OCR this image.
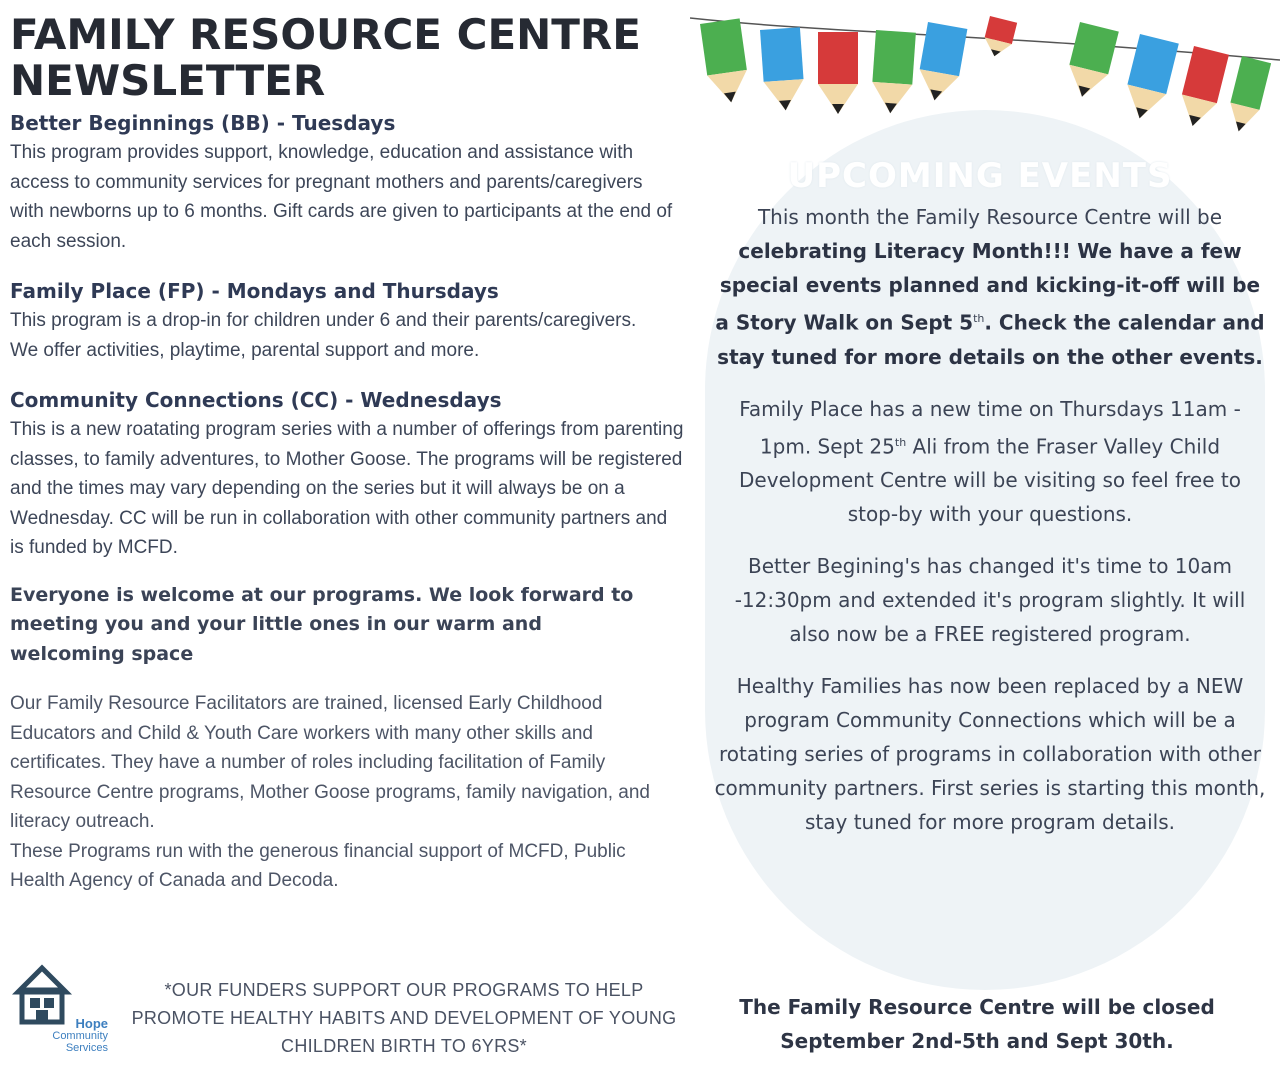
FAMILY RESOURCE CENTRE
NEWSLETTER
Better Beginnings (BB) - Tuesdays

This program provides support, knowledge, education and assistance with access to community services for pregnant mothers and parents/caregivers with newborns up to 6 months. Gift cards are given to participants at the end of each session.

Family Place (FP) - Mondays and Thursdays

This program is a drop-in for children under 6 and their parents/caregivers. We offer activities, playtime, parental support and more.

Community Connections (CC) - Wednesdays

This is a new roatating program series with a number of offerings from parenting classes, to family adventures, to Mother Goose. The programs will be registered and the times may vary depending on the series but it will always be on a Wednesday. CC will be run in collaboration with other community partners and is funded by MCFD.

Everyone is welcome at our programs. We look forward to meeting you and your little ones in our warm and welcoming space

Our Family Resource Facilitators are trained, licensed Early Childhood Educators and Child & Youth Care workers with many other skills and certificates. They have a number of roles including facilitation of Family Resource Centre programs, Mother Goose programs, family navigation, and literacy outreach.

These Programs run with the generous financial support of MCFD, Public Health Agency of Canada and Decoda.

Hope
Community
Services
*OUR FUNDERS SUPPORT OUR PROGRAMS TO HELP PROMOTE HEALTHY HABITS AND DEVELOPMENT OF YOUNG CHILDREN BIRTH TO 6YRS*
UPCOMING EVENTS

This month the Family Resource Centre will be celebrating Literacy Month!!! We have a few special events planned and kicking-it-off will be a Story Walk on Sept 5th. Check the calendar and stay tuned for more details on the other events.

Family Place has a new time on Thursdays 11am - 1pm. Sept 25th Ali from the Fraser Valley Child Development Centre will be visiting so feel free to stop-by with your questions.

Better Begining's has changed it's time to 10am -12:30pm and extended it's program slightly. It will also now be a FREE registered program.

Healthy Families has now been replaced by a NEW program Community Connections which will be a rotating series of programs in collaboration with other community partners. First series is starting this month, stay tuned for more program details.

The Family Resource Centre will be closed September 2nd-5th and Sept 30th.
